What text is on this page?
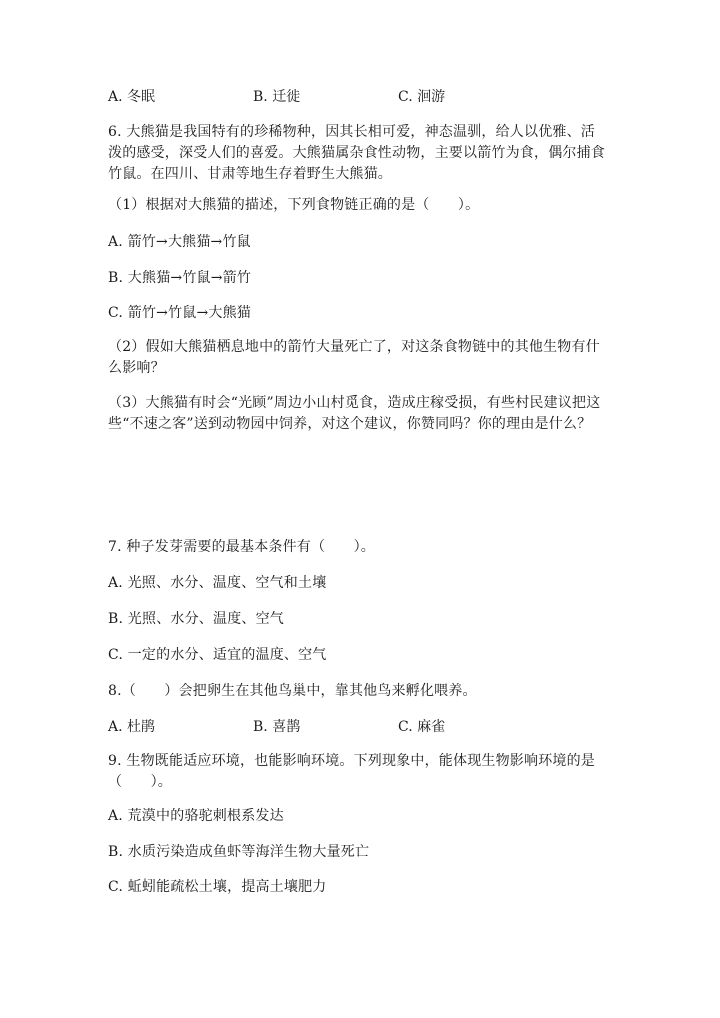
A. 冬眠	B. 迁徙	C. 洄游
6. 大熊猫是我国特有的珍稀物种，因其长相可爱，神态温驯，给人以优雅、活泼的感受，深受人们的喜爱。大熊猫属杂食性动物，主要以箭竹为食，偶尔捕食竹鼠。在四川、甘肃等地生存着野生大熊猫。
（1）根据对大熊猫的描述，下列食物链正确的是（　　）。
A. 箭竹→大熊猫→竹鼠
B. 大熊猫→竹鼠→箭竹
C. 箭竹→竹鼠→大熊猫
（2）假如大熊猫栖息地中的箭竹大量死亡了，对这条食物链中的其他生物有什么影响？
（3）大熊猫有时会“光顾”周边小山村觅食，造成庄稼受损，有些村民建议把这些“不速之客”送到动物园中饲养，对这个建议，你赞同吗？你的理由是什么？
7. 种子发芽需要的最基本条件有（　　）。
A. 光照、水分、温度、空气和土壤
B. 光照、水分、温度、空气
C. 一定的水分、适宜的温度、空气
8.（　　）会把卵生在其他鸟巢中，靠其他鸟来孵化喂养。
A. 杜鹃	B. 喜鹊	C. 麻雀
9. 生物既能适应环境，也能影响环境。下列现象中，能体现生物影响环境的是（　　）。
A. 荒漠中的骆驼刺根系发达
B. 水质污染造成鱼虾等海洋生物大量死亡
C. 蚯蚓能疏松土壤，提高土壤肥力
